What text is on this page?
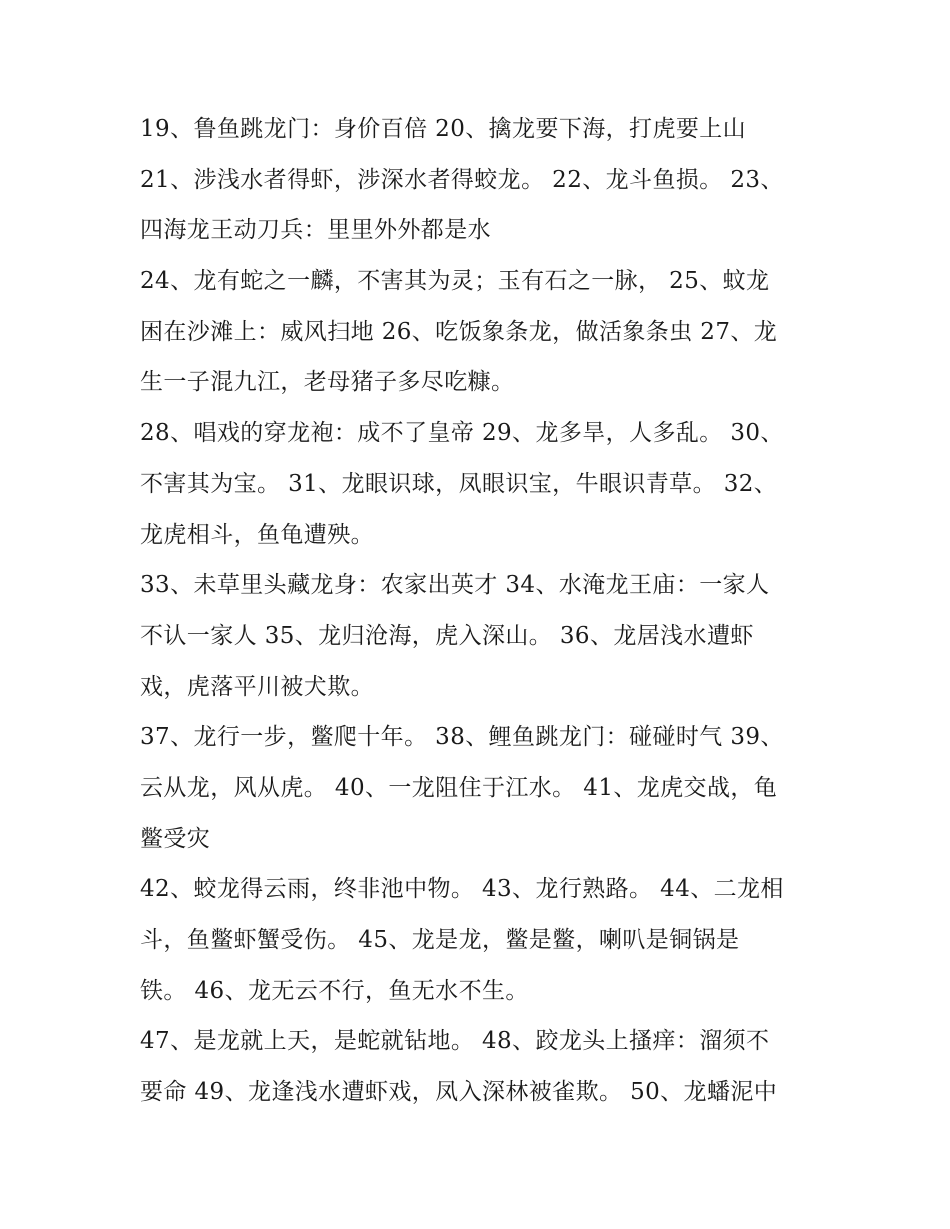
19、鲁鱼跳龙门：身价百倍 20、擒龙要下海，打虎要上山
21、涉浅水者得虾，涉深水者得蛟龙。 22、龙斗鱼损。 23、
四海龙王动刀兵：里里外外都是水
24、龙有蛇之一麟，不害其为灵；玉有石之一脉， 25、蚊龙
困在沙滩上：威风扫地 26、吃饭象条龙，做活象条虫 27、龙
生一子混九江，老母猪子多尽吃糠。
28、唱戏的穿龙袍：成不了皇帝 29、龙多旱，人多乱。 30、
不害其为宝。 31、龙眼识球，凤眼识宝，牛眼识青草。 32、
龙虎相斗，鱼龟遭殃。
33、未草里头藏龙身：农家出英才 34、水淹龙王庙：一家人
不认一家人 35、龙归沧海，虎入深山。 36、龙居浅水遭虾
戏，虎落平川被犬欺。
37、龙行一步，鳖爬十年。 38、鲤鱼跳龙门：碰碰时气 39、
云从龙，风从虎。 40、一龙阻住于江水。 41、龙虎交战，龟
鳖受灾
42、蛟龙得云雨，终非池中物。 43、龙行熟路。 44、二龙相
斗，鱼鳖虾蟹受伤。 45、龙是龙，鳖是鳖，喇叭是铜锅是
铁。 46、龙无云不行，鱼无水不生。
47、是龙就上天，是蛇就钻地。 48、跤龙头上搔痒：溜须不
要命 49、龙逢浅水遭虾戏，凤入深林被雀欺。 50、龙蟠泥中
